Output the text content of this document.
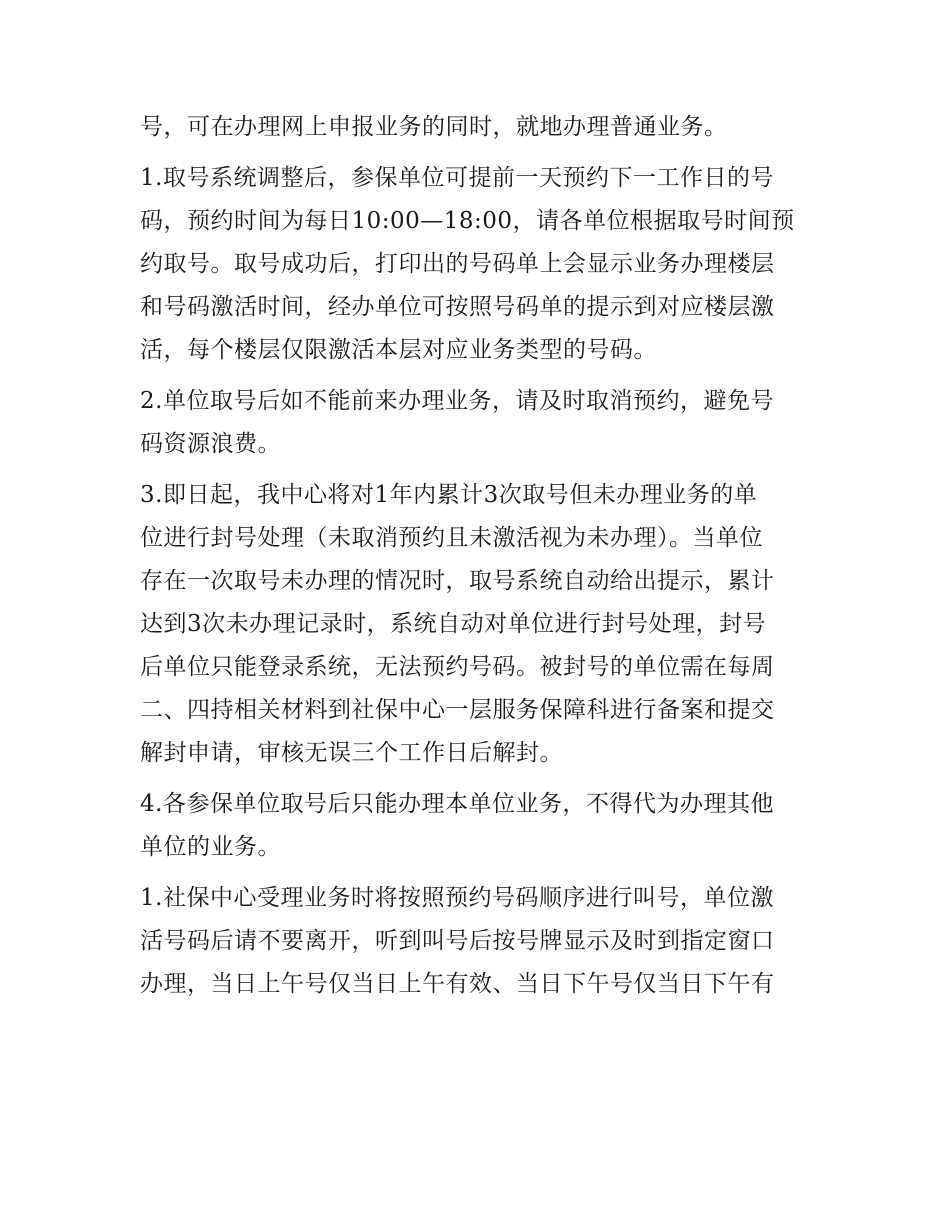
号，可在办理网上申报业务的同时，就地办理普通业务。

1.取号系统调整后，参保单位可提前一天预约下一工作日的号
码，预约时间为每日10:00—18:00，请各单位根据取号时间预
约取号。取号成功后，打印出的号码单上会显示业务办理楼层
和号码激活时间，经办单位可按照号码单的提示到对应楼层激
活，每个楼层仅限激活本层对应业务类型的号码。

2.单位取号后如不能前来办理业务，请及时取消预约，避免号
码资源浪费。

3.即日起，我中心将对1年内累计3次取号但未办理业务的单
位进行封号处理（未取消预约且未激活视为未办理）。当单位
存在一次取号未办理的情况时，取号系统自动给出提示，累计
达到3次未办理记录时，系统自动对单位进行封号处理，封号
后单位只能登录系统，无法预约号码。被封号的单位需在每周
二、四持相关材料到社保中心一层服务保障科进行备案和提交
解封申请，审核无误三个工作日后解封。

4.各参保单位取号后只能办理本单位业务，不得代为办理其他
单位的业务。

1.社保中心受理业务时将按照预约号码顺序进行叫号，单位激
活号码后请不要离开，听到叫号后按号牌显示及时到指定窗口
办理，当日上午号仅当日上午有效、当日下午号仅当日下午有
